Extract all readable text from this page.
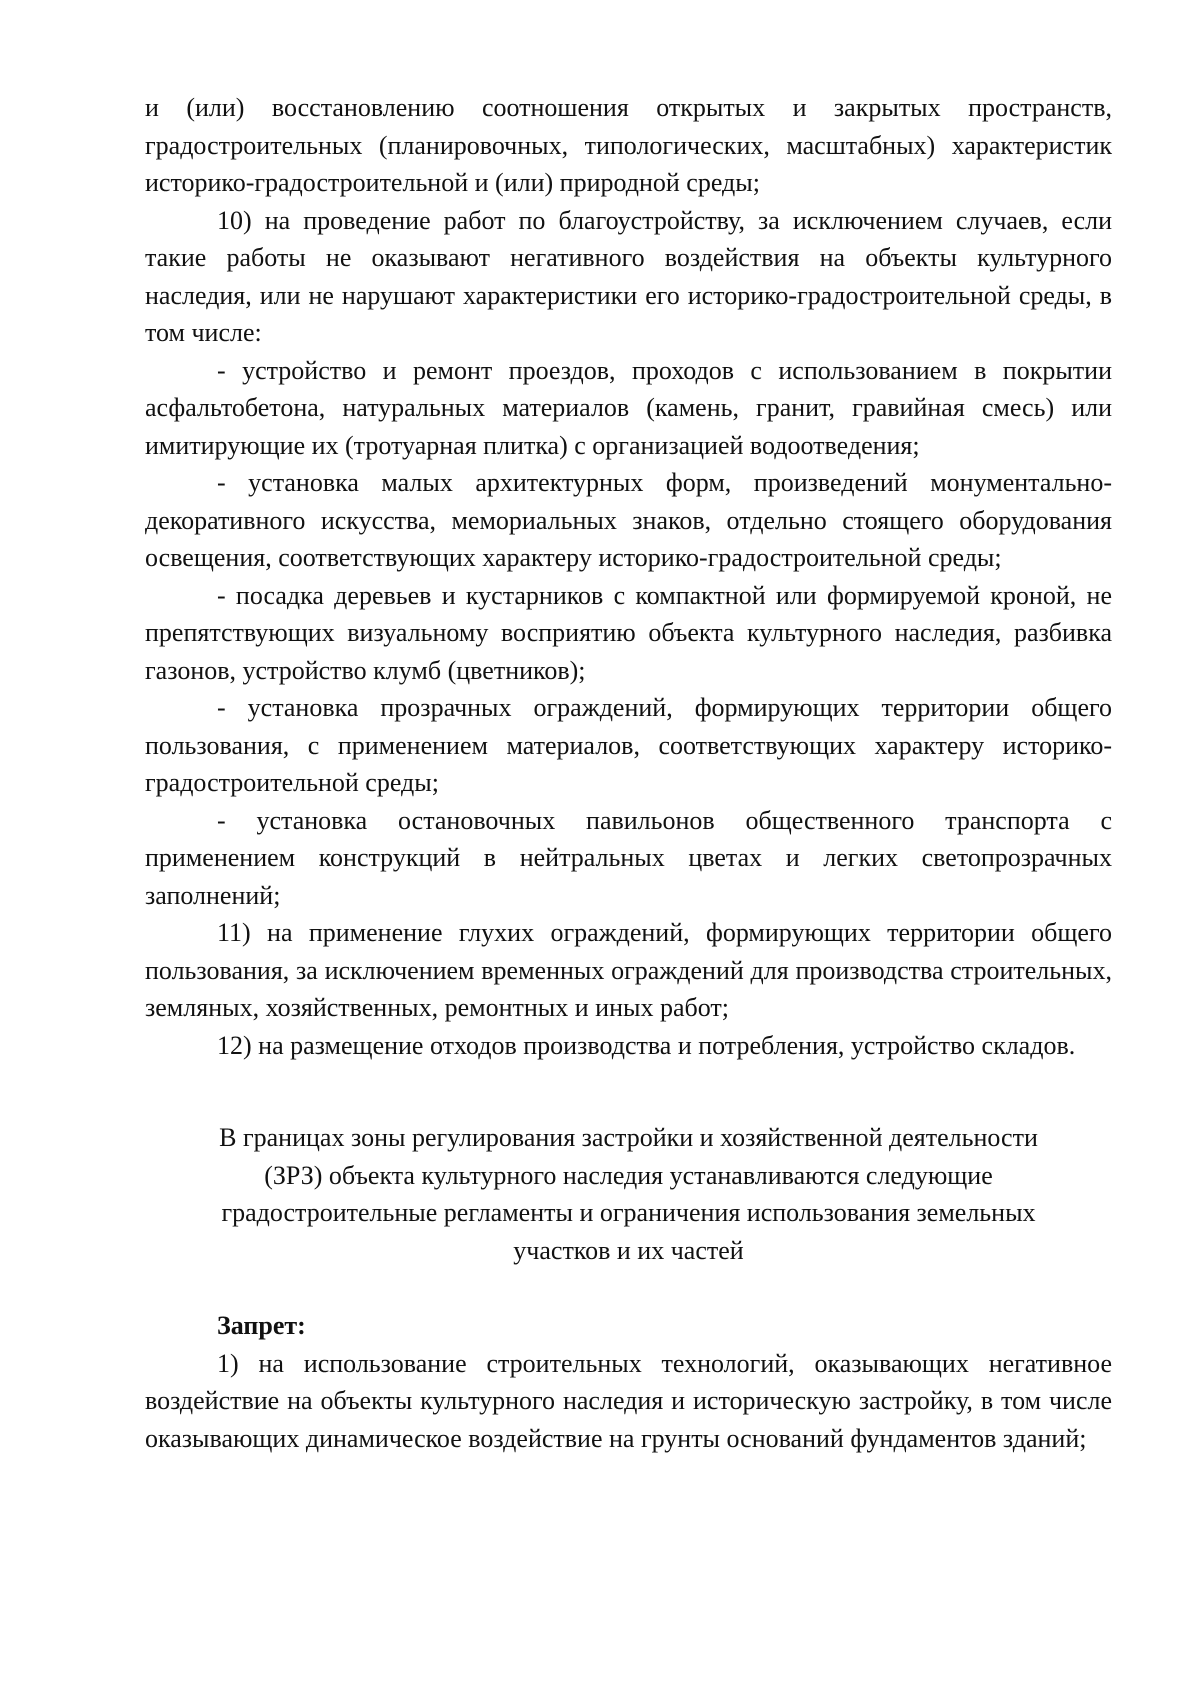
и (или) восстановлению соотношения открытых и закрытых пространств, градостроительных (планировочных, типологических, масштабных) характеристик историко-градостроительной и (или) природной среды;

10) на проведение работ по благоустройству, за исключением случаев, если такие работы не оказывают негативного воздействия на объекты культурного наследия, или не нарушают характеристики его историко-градостроительной среды, в том числе:

- устройство и ремонт проездов, проходов с использованием в покрытии асфальтобетона, натуральных материалов (камень, гранит, гравийная смесь) или имитирующие их (тротуарная плитка) с организацией водоотведения;

- установка малых архитектурных форм, произведений монументально-декоративного искусства, мемориальных знаков, отдельно стоящего оборудования освещения, соответствующих характеру историко-градостроительной среды;

- посадка деревьев и кустарников с компактной или формируемой кроной, не препятствующих визуальному восприятию объекта культурного наследия, разбивка газонов, устройство клумб (цветников);

- установка прозрачных ограждений, формирующих территории общего пользования, с применением материалов, соответствующих характеру историко-градостроительной среды;

- установка остановочных павильонов общественного транспорта с применением конструкций в нейтральных цветах и легких светопрозрачных заполнений;

11) на применение глухих ограждений, формирующих территории общего пользования, за исключением временных ограждений для производства строительных, земляных, хозяйственных, ремонтных и иных работ;

12) на размещение отходов производства и потребления, устройство складов.

В границах зоны регулирования застройки и хозяйственной деятельности
(ЗРЗ) объекта культурного наследия устанавливаются следующие
градостроительные регламенты и ограничения использования земельных
участков и их частей

Запрет:

1) на использование строительных технологий, оказывающих негативное воздействие на объекты культурного наследия и историческую застройку, в том числе оказывающих динамическое воздействие на грунты оснований фундаментов зданий;
